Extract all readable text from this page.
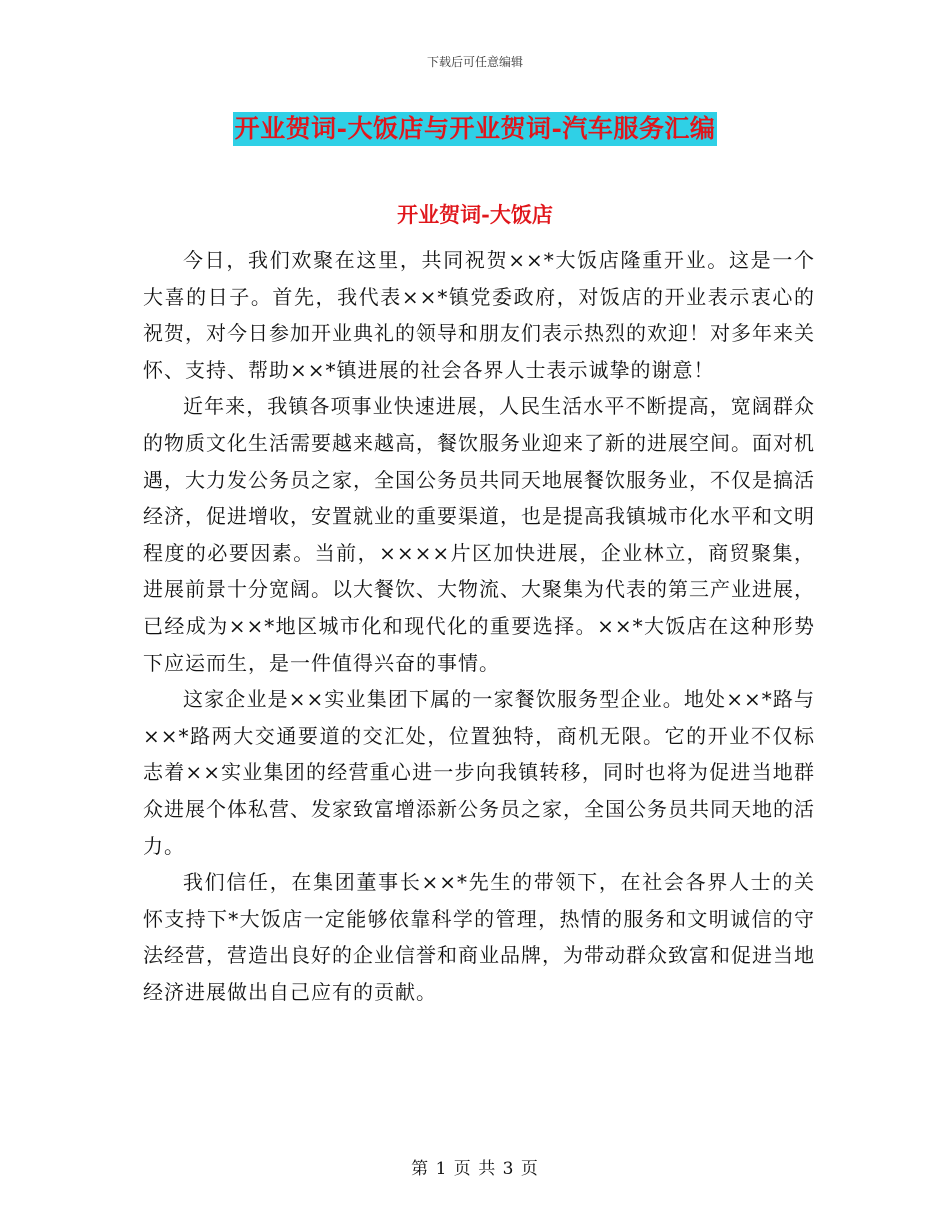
下载后可任意编辑
开业贺词-大饭店与开业贺词-汽车服务汇编
开业贺词-大饭店

今日，我们欢聚在这里，共同祝贺××*大饭店隆重开业。这是一个大喜的日子。首先，我代表××*镇党委政府，对饭店的开业表示衷心的祝贺，对今日参加开业典礼的领导和朋友们表示热烈的欢迎！对多年来关怀、支持、帮助××*镇进展的社会各界人士表示诚挚的谢意！

近年来，我镇各项事业快速进展，人民生活水平不断提高，宽阔群众的物质文化生活需要越来越高，餐饮服务业迎来了新的进展空间。面对机遇，大力发公务员之家，全国公务员共同天地展餐饮服务业，不仅是搞活经济，促进增收，安置就业的重要渠道，也是提高我镇城市化水平和文明程度的必要因素。当前，××××片区加快进展，企业林立，商贸聚集，进展前景十分宽阔。以大餐饮、大物流、大聚集为代表的第三产业进展，已经成为××*地区城市化和现代化的重要选择。××*大饭店在这种形势下应运而生，是一件值得兴奋的事情。

这家企业是××实业集团下属的一家餐饮服务型企业。地处××*路与××*路两大交通要道的交汇处，位置独特，商机无限。它的开业不仅标志着××实业集团的经营重心进一步向我镇转移，同时也将为促进当地群众进展个体私营、发家致富增添新公务员之家，全国公务员共同天地的活力。

我们信任，在集团董事长××*先生的带领下，在社会各界人士的关怀支持下*大饭店一定能够依靠科学的管理，热情的服务和文明诚信的守法经营，营造出良好的企业信誉和商业品牌，为带动群众致富和促进当地经济进展做出自己应有的贡献。

第 1 页 共 3 页
